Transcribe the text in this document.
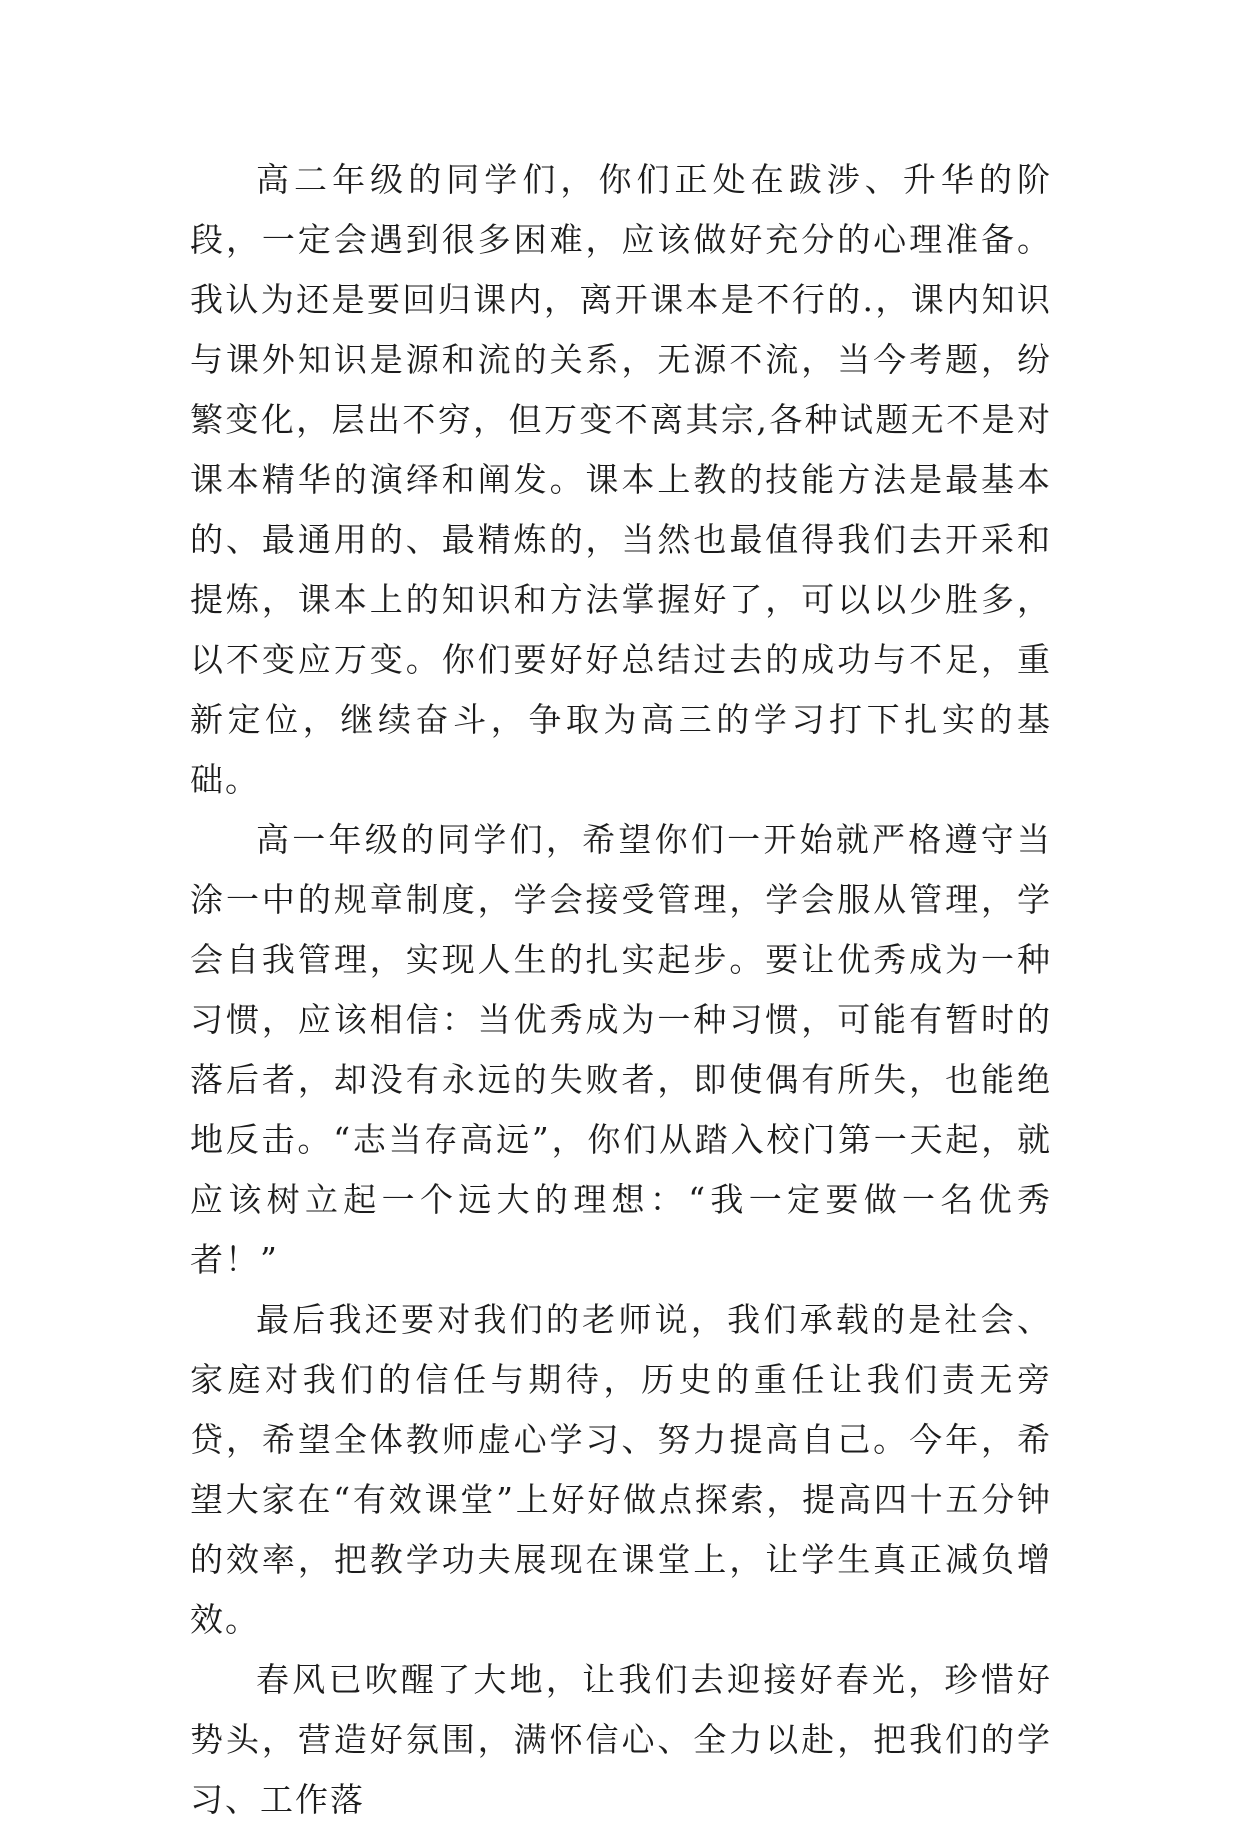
高二年级的同学们，你们正处在跋涉、升华的阶段，一定会遇到很多困难，应该做好充分的心理准备。我认为还是要回归课内，离开课本是不行的.，课内知识与课外知识是源和流的关系，无源不流，当今考题，纷繁变化，层出不穷，但万变不离其宗,各种试题无不是对课本精华的演绎和阐发。课本上教的技能方法是最基本的、最通用的、最精炼的，当然也最值得我们去开采和提炼，课本上的知识和方法掌握好了，可以以少胜多，以不变应万变。你们要好好总结过去的成功与不足，重新定位，继续奋斗，争取为高三的学习打下扎实的基础。

高一年级的同学们，希望你们一开始就严格遵守当涂一中的规章制度，学会接受管理，学会服从管理，学会自我管理，实现人生的扎实起步。要让优秀成为一种习惯，应该相信：当优秀成为一种习惯，可能有暂时的落后者，却没有永远的失败者，即使偶有所失，也能绝地反击。“志当存高远”，你们从踏入校门第一天起，就应该树立起一个远大的理想：“我一定要做一名优秀者！”

最后我还要对我们的老师说，我们承载的是社会、家庭对我们的信任与期待，历史的重任让我们责无旁贷，希望全体教师虚心学习、努力提高自己。今年，希望大家在“有效课堂”上好好做点探索，提高四十五分钟的效率，把教学功夫展现在课堂上，让学生真正减负增效。

春风已吹醒了大地，让我们去迎接好春光，珍惜好势头，营造好氛围，满怀信心、全力以赴，把我们的学习、工作落
